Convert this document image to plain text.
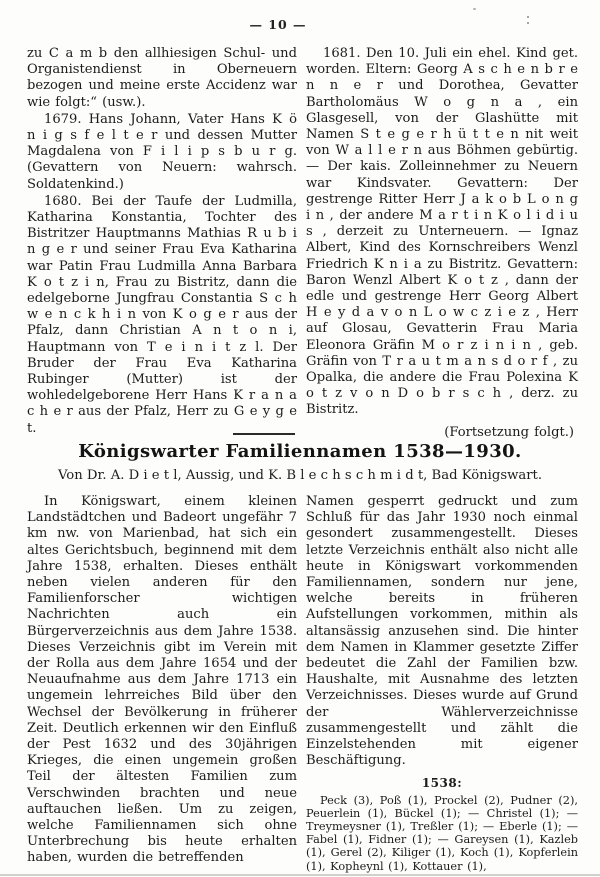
— 10 —

zu C a m b den allhiesigen Schul- und Organistendienst in Oberneuern bezogen und meine erste Accidenz war wie folgt:“ (usw.).

1679. Hans Johann, Vater Hans K ö n i g s f e l t e r und dessen Mutter Magdalena von F i l i p s b u r g. (Gevattern von Neuern: wahrsch. Soldatenkind.)

1680. Bei der Taufe der Ludmilla, Katharina Konstantia, Tochter des Bistritzer Hauptmanns Mathias R u b i n g e r und seiner Frau Eva Katharina war Patin Frau Ludmilla Anna Barbara K o t z i n, Frau zu Bistritz, dann die edelgeborne Jungfrau Constantia S c h w e n c k h i n von K o g e r aus der Pfalz, dann Christian A n t o n i, Hauptmann von T e i n i t z l. Der Bruder der Frau Eva Katharina Rubinger (Mutter) ist der wohledelgeborene Herr Hans K r a n a c h e r aus der Pfalz, Herr zu G e y g e t.

1681. Den 10. Juli ein ehel. Kind get. worden. Eltern: Georg A s c h e n b r e n n e r und Dorothea, Gevatter Bartholomäus W o g n a , ein Glasgesell, von der Glashütte mit Namen S t e g e r h ü t t e n nit weit von W a l l e r n aus Böhmen gebürtig. — Der kais. Zolleinnehmer zu Neuern war Kindsvater. Gevattern: Der gestrenge Ritter Herr J a k o b L o n g i n , der andere M a r t i n K o l i d i u s , derzeit zu Unterneuern. — Ignaz Albert, Kind des Kornschreibers Wenzl Friedrich K n i a zu Bistritz. Gevattern: Baron Wenzl Albert K o t z , dann der edle und gestrenge Herr Georg Albert H e y d a v o n L o w c z i e z , Herr auf Glosau, Gevatterin Frau Maria Eleonora Gräfin M o r z i n i n , geb. Gräfin von T r a u t m a n s d o r f , zu Opalka, die andere die Frau Polexina K o t z v o n D o b r s c h , derz. zu Bistritz.

(Fortsetzung folgt.)

Königswarter Familiennamen 1538—1930.
Von Dr. A. D i e t l, Aussig, und K. B l e c h s c h m i d t, Bad Königswart.

In Königswart, einem kleinen Landstädtchen und Badeort ungefähr 7 km nw. von Marienbad, hat sich ein altes Gerichtsbuch, beginnend mit dem Jahre 1538, erhalten. Dieses enthält neben vielen anderen für den Familienforscher wichtigen Nachrichten auch ein Bürgerverzeichnis aus dem Jahre 1538. Dieses Verzeichnis gibt im Verein mit der Rolla aus dem Jahre 1654 und der Neuaufnahme aus dem Jahre 1713 ein ungemein lehrreiches Bild über den Wechsel der Bevölkerung in früherer Zeit. Deutlich erkennen wir den Einfluß der Pest 1632 und des 30jährigen Krieges, die einen ungemein großen Teil der ältesten Familien zum Verschwinden brachten und neue auftauchen ließen. Um zu zeigen, welche Familiennamen sich ohne Unterbrechung bis heute erhalten haben, wurden die betreffenden

Namen gesperrt gedruckt und zum Schluß für das Jahr 1930 noch einmal gesondert zusammengestellt. Dieses letzte Verzeichnis enthält also nicht alle heute in Königswart vorkommenden Familiennamen, sondern nur jene, welche bereits in früheren Aufstellungen vorkommen, mithin als altansässig anzusehen sind. Die hinter dem Namen in Klammer gesetzte Ziffer bedeutet die Zahl der Familien bzw. Haushalte, mit Ausnahme des letzten Verzeichnisses. Dieses wurde auf Grund der Wählerverzeichnisse zusammengestellt und zählt die Einzelstehenden mit eigener Beschäftigung.

1538:

Peck (3), Poß (1), Prockel (2), Pudner (2), Peuerlein (1), Bückel (1); — Christel (1); — Treymeysner (1), Treßler (1); — Eberle (1); — Fabel (1), Fidner (1); — Gareysen (1), Kazleb (1), Gerel (2), Kiliger (1), Koch (1), Kopferlein (1), Kopheynl (1), Kottauer (1),
